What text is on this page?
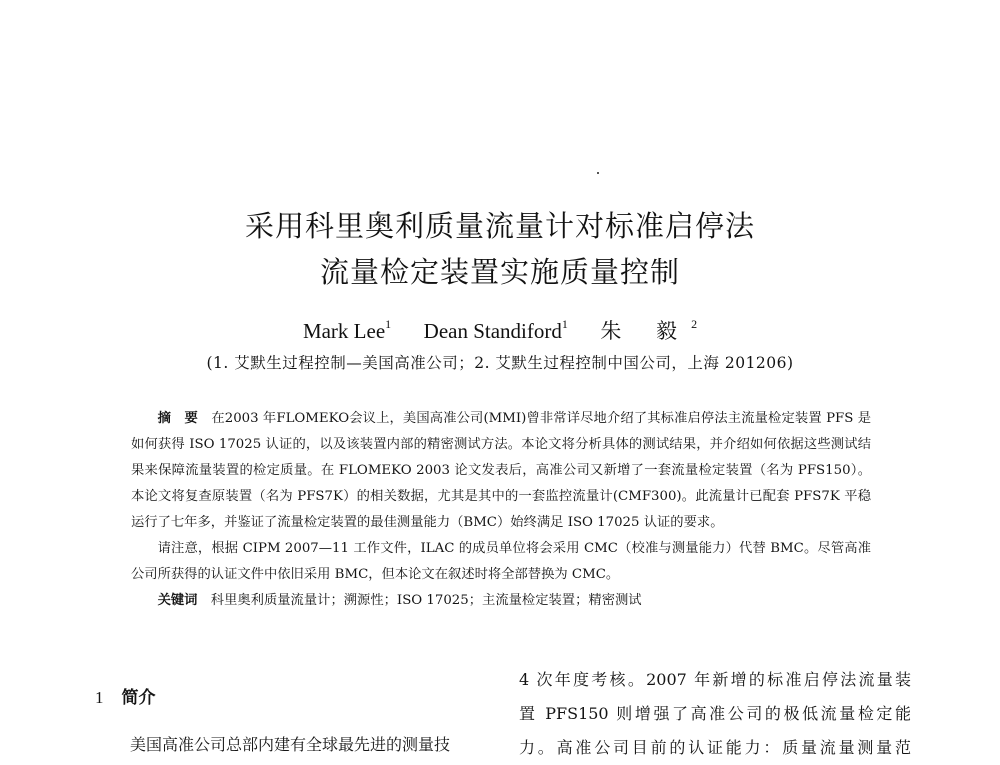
采用科里奥利质量流量计对标准启停法
流量检定装置实施质量控制
Mark Lee$^1$ Dean Standiford$^1$ 朱 毅$^2$
(1. 艾默生过程控制—美国高准公司；2. 艾默生过程控制中国公司，上海 201206)

摘　要　 在2003 年FLOMEKO会议上，美国高准公司(MMI)曾非常详尽地介绍了其标准启停法主流量检定装置 PFS 是如何获得 ISO 17025 认证的，以及该装置内部的精密测试方法。本论文将分析具体的测试结果，并介绍如何依据这些测试结果来保障流量装置的检定质量。在 FLOMEKO 2003 论文发表后，高准公司又新增了一套流量检定装置（名为 PFS150）。本论文将复查原装置（名为 PFS7K）的相关数据，尤其是其中的一套监控流量计(CMF300)。此流量计已配套 PFS7K 平稳运行了七年多，并鉴证了流量检定装置的最佳测量能力（BMC）始终满足 ISO 17025 认证的要求。

请注意，根据 CIPM 2007—11 工作文件，ILAC 的成员单位将会采用 CMC（校准与测量能力）代替 BMC。尽管高准公司所获得的认证文件中依旧采用 BMC，但本论文在叙述时将全部替换为 CMC。

关键词　 科里奥利质量流量计；溯源性；ISO 17025；主流量检定装置；精密测试

1 简介
美国高准公司总部内建有全球最先进的测量技
4 次年度考核。2007 年新增的标准启停法流量装
置 PFS150 则增强了高准公司的极低流量检定能
力。高准公司目前的认证能力：质量流量测量范
